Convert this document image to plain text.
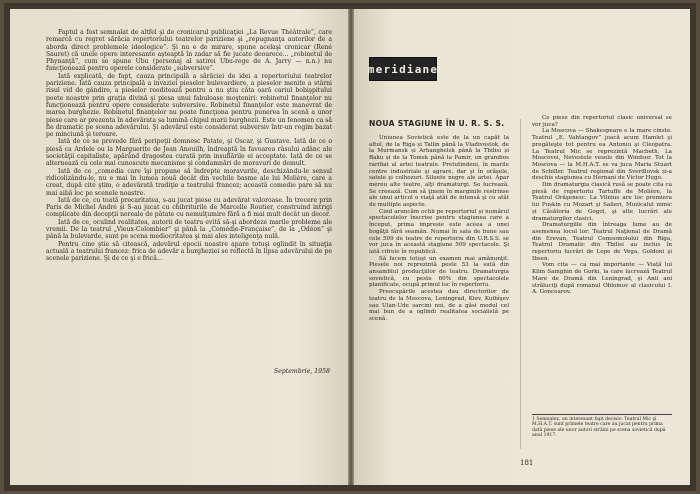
Faptul a fost semnalat de altfel şi de cronicarul publicaţiei „La Revue Théâtrale”, care remarcă cu regret sărăcia repertoriului teatrelor pariziene şi „repugnanţa autorilor de a aborda direct problemele ideologice”. Şi nu e de mirare, spune acelaşi cronicar (René Sauret) că unele opere interesante aşteaptă în zadar să fie jucate deoarece... „robinetul de Phynanţă”, cum se spune Ubu (personaj al satirei Ubu-rege de A. Jarry — n.n.) nu funcţionează pentru operele considerate „subversive”.

Iată explicată, de fapt, cauza principală a sărăciei de idei a repertoriului teatrelor pariziene. Iată cauza principală a invaziei pieselor bulevardiere, a pieselor menite a stârni risul vid de gândire, a pieselor reeditează pentru a nu ştiu câta oară cariul bobişpitului poete noastre prin graţia divină şi piesa unui fabuloase moşteniri: robinetul finanţelor nu funcţionează pentru opere considerate subversive. Robinetul finanţelor este manevrat de marea burghezie. Robinetul finanţelor nu poate funcţiona pentru punerea în scenă a unor piese care ar prezenta în adevărata sa lumină chipul marii burghezii. Este un fenomen ca să fie dramatic pe scena adevărului. Şi adevărul este considerat subversiv într-un regim bazat pe minciună şi teroare.

Iată de ce se prevede fără peripeţii domnesc Patate, şi Oscar, şi Gustave. Iată de ce o piesă ca Ardele ou la Marguerite de Jean Anouilh, îndreaptă în favoarea râsului adânc ale societăţii capitaliste, apărând dragostea curată prin insuflările ei acceptate. Iată de ce se alternează cu cele mai cunoscute mecanisme şi condamnări de moravuri de demult.

Iată de ce „comedia care îşi propune să îndrepte moravurile, deschizându-le sensul ridicolizându-le, nu e mai în lumea nouă decât din vechile basme ale lui Molière, care a creat, după cite ştim, o adevărată tradiţie a teatrului francez; această comedie pare să nu mai aibă loc pe scenele noastre.

Iată de ce, cu toată precaritatea, s-au jucat piese cu adevărat valoroase. În trecere prin Paris de Michel André și S-au jucat cu chibriturile de Marcelle Routier, construind intrigi complicate din decepţii nereale de pătate cu nemulţumire fără a fi mai mult decât un decor.

Iată de ce, oculind realitatea, autorii de teatru evită să-şi abordeze marile probleme ale vremii. De la teatrul „Vieux-Colombier” şi până la „Comédie-Française”, de la „Odéon” şi până la bulevarde, sunt pe scena mediocritatea şi mai ales inteligenţa nulă.

Pentru cine ştie să citească, adevărul epocii noastre apare totuşi oglindit în situaţia actuală a teatrului francez: frica de adevăr a burgheziei se reflectă în lipsa adevărului de pe scenele pariziene. Şi de ce şi e frică...

Septembrie, 1958
meridiane
NOUA STAGIUNE ÎN U. R. S. S.

Uniunea Sovietică este de la un capăt la altul, de la Riga și Tallin până la Vladivostok, de la Murmansk și Arhanghelsk până la Tbilisi și Baku și de la Tomsk până la Pamir, un grandios rarifiat al artei teatrale. Pretutindeni, în marile centre industriale şi agrare, dar şi în orăşele, satele şi colhozuri. Siluete negre ale artei. Apar mereu alte teatre, alţi dramaturgi. Se lucrează. Se creează. Cum să ţinem în marginile restrinse ale unui articol o viaţă atât de intensă şi cu atât de multiple aspecte.

Cind aruncăm ochii pe repertoriul și numărul spectacolelor înscrise pentru stagiunea care a început, prima impresie este aceea a unei bogăţii fără seamăn. Numai în sala de bune sau cele 509 de teatre de repertoriu din U.R.S.S. se vor juca în această stagiune 509 spectacole. Şi iată cifrele în republică.

Să facem totuşi un examen mai amănunţit. Piesele noi reprezintă peste 53 la sută din ansamblul producţiilor de teatru. Dramaturgia sovietică, cu peste 60% din spectacolele planificate, ocupă primul loc în repertoriu.

Preocupările acestea dau directorilor de teatru de la Moscova, Leningrad, Kiev, Kuibîşev sau Ulan-Ude sarcini noi, de a găsi modul cel mai bun de a oglindi realitatea socialistă pe scenă.

Ce piese din repertoriul clasic universal se vor juca?

La Moscova — Shakespeare e la mare cinste. Teatrul „E. Vahtangov” joacă acum Hamlet şi pregăteşte tot pentru ea Antoniu şi Cleopatra. La Teatrul Mic se reprezintă Macbeth. La Moscovei, Nevestele vesele din Windsor. Tot la Moscova — la M.H.A.T. se va juca Maria Stuart de Schiller. Teatrul regional din Sverdlovsk și-a deschis stagiunea cu Hernani de Victor Hugo.

Din dramaturgia clasică rusă se poate cita ca piesă de repertoriu Tartuffe de Molière, la Teatrul Orăşenesc. La Vilnius are loc premiera lui Pușkin cu Mozart şi Salieri, Muzicalul nimic și Căsătoria de Gogol, şi alte lucrări ale dramaturgilor clasici.

Dramaturgiile din întreaga lume au de asemenea locul lor: Teatrul Naţional de Dramă din Erevan, Teatrul Comsomolului din Riga, Teatrul Dramatic din Tbilisi au inclus în repertoriu lucrări de Lope de Vega, Goldoni şi Ibsen.

Vom cita — ca mai importante — Viață lui Klim Samghin de Gorki, la care lucrează Teatrul Mare de Dramă din Leningrad, şi Anii ani străluciţi după romanul Oblomov al clasicului I. A. Goncearov.

1 Semnalez, un interesant fapt decisiv: Teatrul Mic şi M.H.A.T. sunt primele teatre care au jucat pentru prima dată piese ale unor autori străini pe scena sovietică după anul 1917.
181
